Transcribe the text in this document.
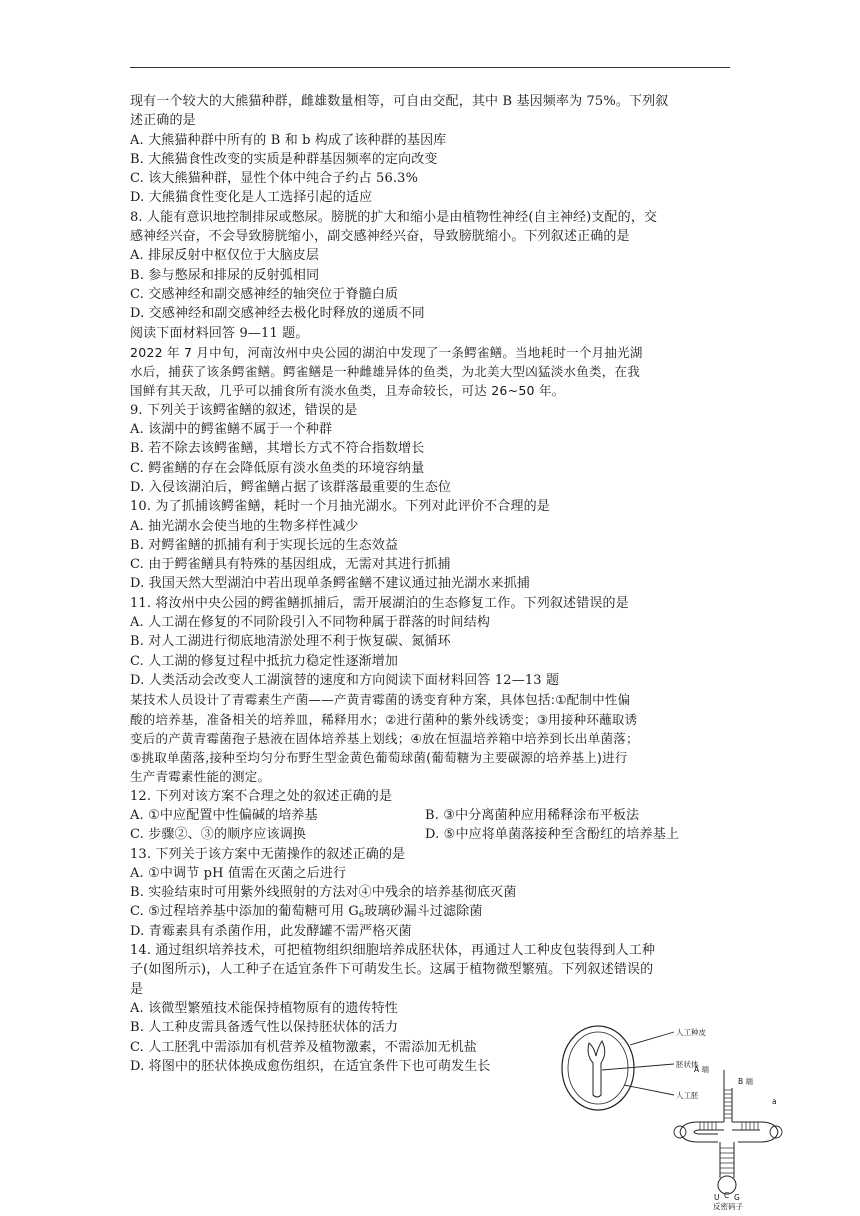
现有一个较大的大熊猫种群，雌雄数量相等，可自由交配，其中 B 基因频率为 75%。下列叙
述正确的是
A. 大熊猫种群中所有的 B 和 b 构成了该种群的基因库
B. 大熊猫食性改变的实质是种群基因频率的定向改变
C. 该大熊猫种群，显性个体中纯合子约占 56.3%
D. 大熊猫食性变化是人工选择引起的适应
8. 人能有意识地控制排尿或憋尿。膀胱的扩大和缩小是由植物性神经(自主神经)支配的，交
感神经兴奋，不会导致膀胱缩小，副交感神经兴奋，导致膀胱缩小。下列叙述正确的是
A. 排尿反射中枢仅位于大脑皮层
B. 参与憋尿和排尿的反射弧相同
C. 交感神经和副交感神经的轴突位于脊髓白质
D. 交感神经和副交感神经去极化时释放的递质不同
阅读下面材料回答 9—11 题。
2022 年 7 月中旬，河南汝州中央公园的湖泊中发现了一条鳄雀鳝。当地耗时一个月抽光湖
水后，捕获了该条鳄雀鳝。鳄雀鳝是一种雌雄异体的鱼类，为北美大型凶猛淡水鱼类，在我
国鲜有其天敌，几乎可以捕食所有淡水鱼类，且寿命较长，可达 26~50 年。
9. 下列关于该鳄雀鳝的叙述，错误的是
A. 该湖中的鳄雀鳝不属于一个种群
B. 若不除去该鳄雀鳝，其增长方式不符合指数增长
C. 鳄雀鳝的存在会降低原有淡水鱼类的环境容纳量
D. 入侵该湖泊后，鳄雀鳝占据了该群落最重要的生态位
10. 为了抓捕该鳄雀鳝，耗时一个月抽光湖水。下列对此评价不合理的是
A. 抽光湖水会使当地的生物多样性减少
B. 对鳄雀鳝的抓捕有利于实现长远的生态效益
C. 由于鳄雀鳝具有特殊的基因组成，无需对其进行抓捕
D. 我国天然大型湖泊中若出现单条鳄雀鳝不建议通过抽光湖水来抓捕
11. 将汝州中央公园的鳄雀鳝抓捕后，需开展湖泊的生态修复工作。下列叙述错误的是
A. 人工湖在修复的不同阶段引入不同物种属于群落的时间结构
B. 对人工湖进行彻底地清淤处理不利于恢复碳、氮循环
C. 人工湖的修复过程中抵抗力稳定性逐渐增加
D. 人类活动会改变人工湖演替的速度和方向阅读下面材料回答 12—13 题
某技术人员设计了青霉素生产菌——产黄青霉菌的诱变育种方案，具体包括:①配制中性偏
酸的培养基，准备相关的培养皿，稀释用水；②进行菌种的紫外线诱变；③用接种环蘸取诱
变后的产黄青霉菌孢子悬液在固体培养基上划线；④放在恒温培养箱中培养到长出单菌落；
⑤挑取单菌落,接种至均匀分布野生型金黄色葡萄球菌(葡萄糖为主要碳源的培养基上)进行
生产青霉素性能的测定。
12. 下列对该方案不合理之处的叙述正确的是
A. ①中应配置中性偏碱的培养基	B. ③中分离菌种应用稀释涂布平板法
C. 步骤②、③的顺序应该调换	D. ⑤中应将单菌落接种至含酚红的培养基上
13. 下列关于该方案中无菌操作的叙述正确的是
A. ①中调节 pH 值需在灭菌之后进行
B. 实验结束时可用紫外线照射的方法对④中残余的培养基彻底灭菌
C. ⑤过程培养基中添加的葡萄糖可用 $G_6$玻璃砂漏斗过滤除菌
D. 青霉素具有杀菌作用，此发酵罐不需严格灭菌
14. 通过组织培养技术，可把植物组织细胞培养成胚状体，再通过人工种皮包装得到人工种
子(如图所示)，人工种子在适宜条件下可萌发生长。这属于植物微型繁殖。下列叙述错误的
是
A. 该微型繁殖技术能保持植物原有的遗传特性
B. 人工种皮需具备透气性以保持胚状体的活力
C. 人工胚乳中需添加有机营养及植物激素，不需添加无机盐
D. 将图中的胚状体换成愈伤组织，在适宜条件下也可萌发生长
人工种皮
胚状体
人工胚
A 端
B 端
a
U C G
反密码子
